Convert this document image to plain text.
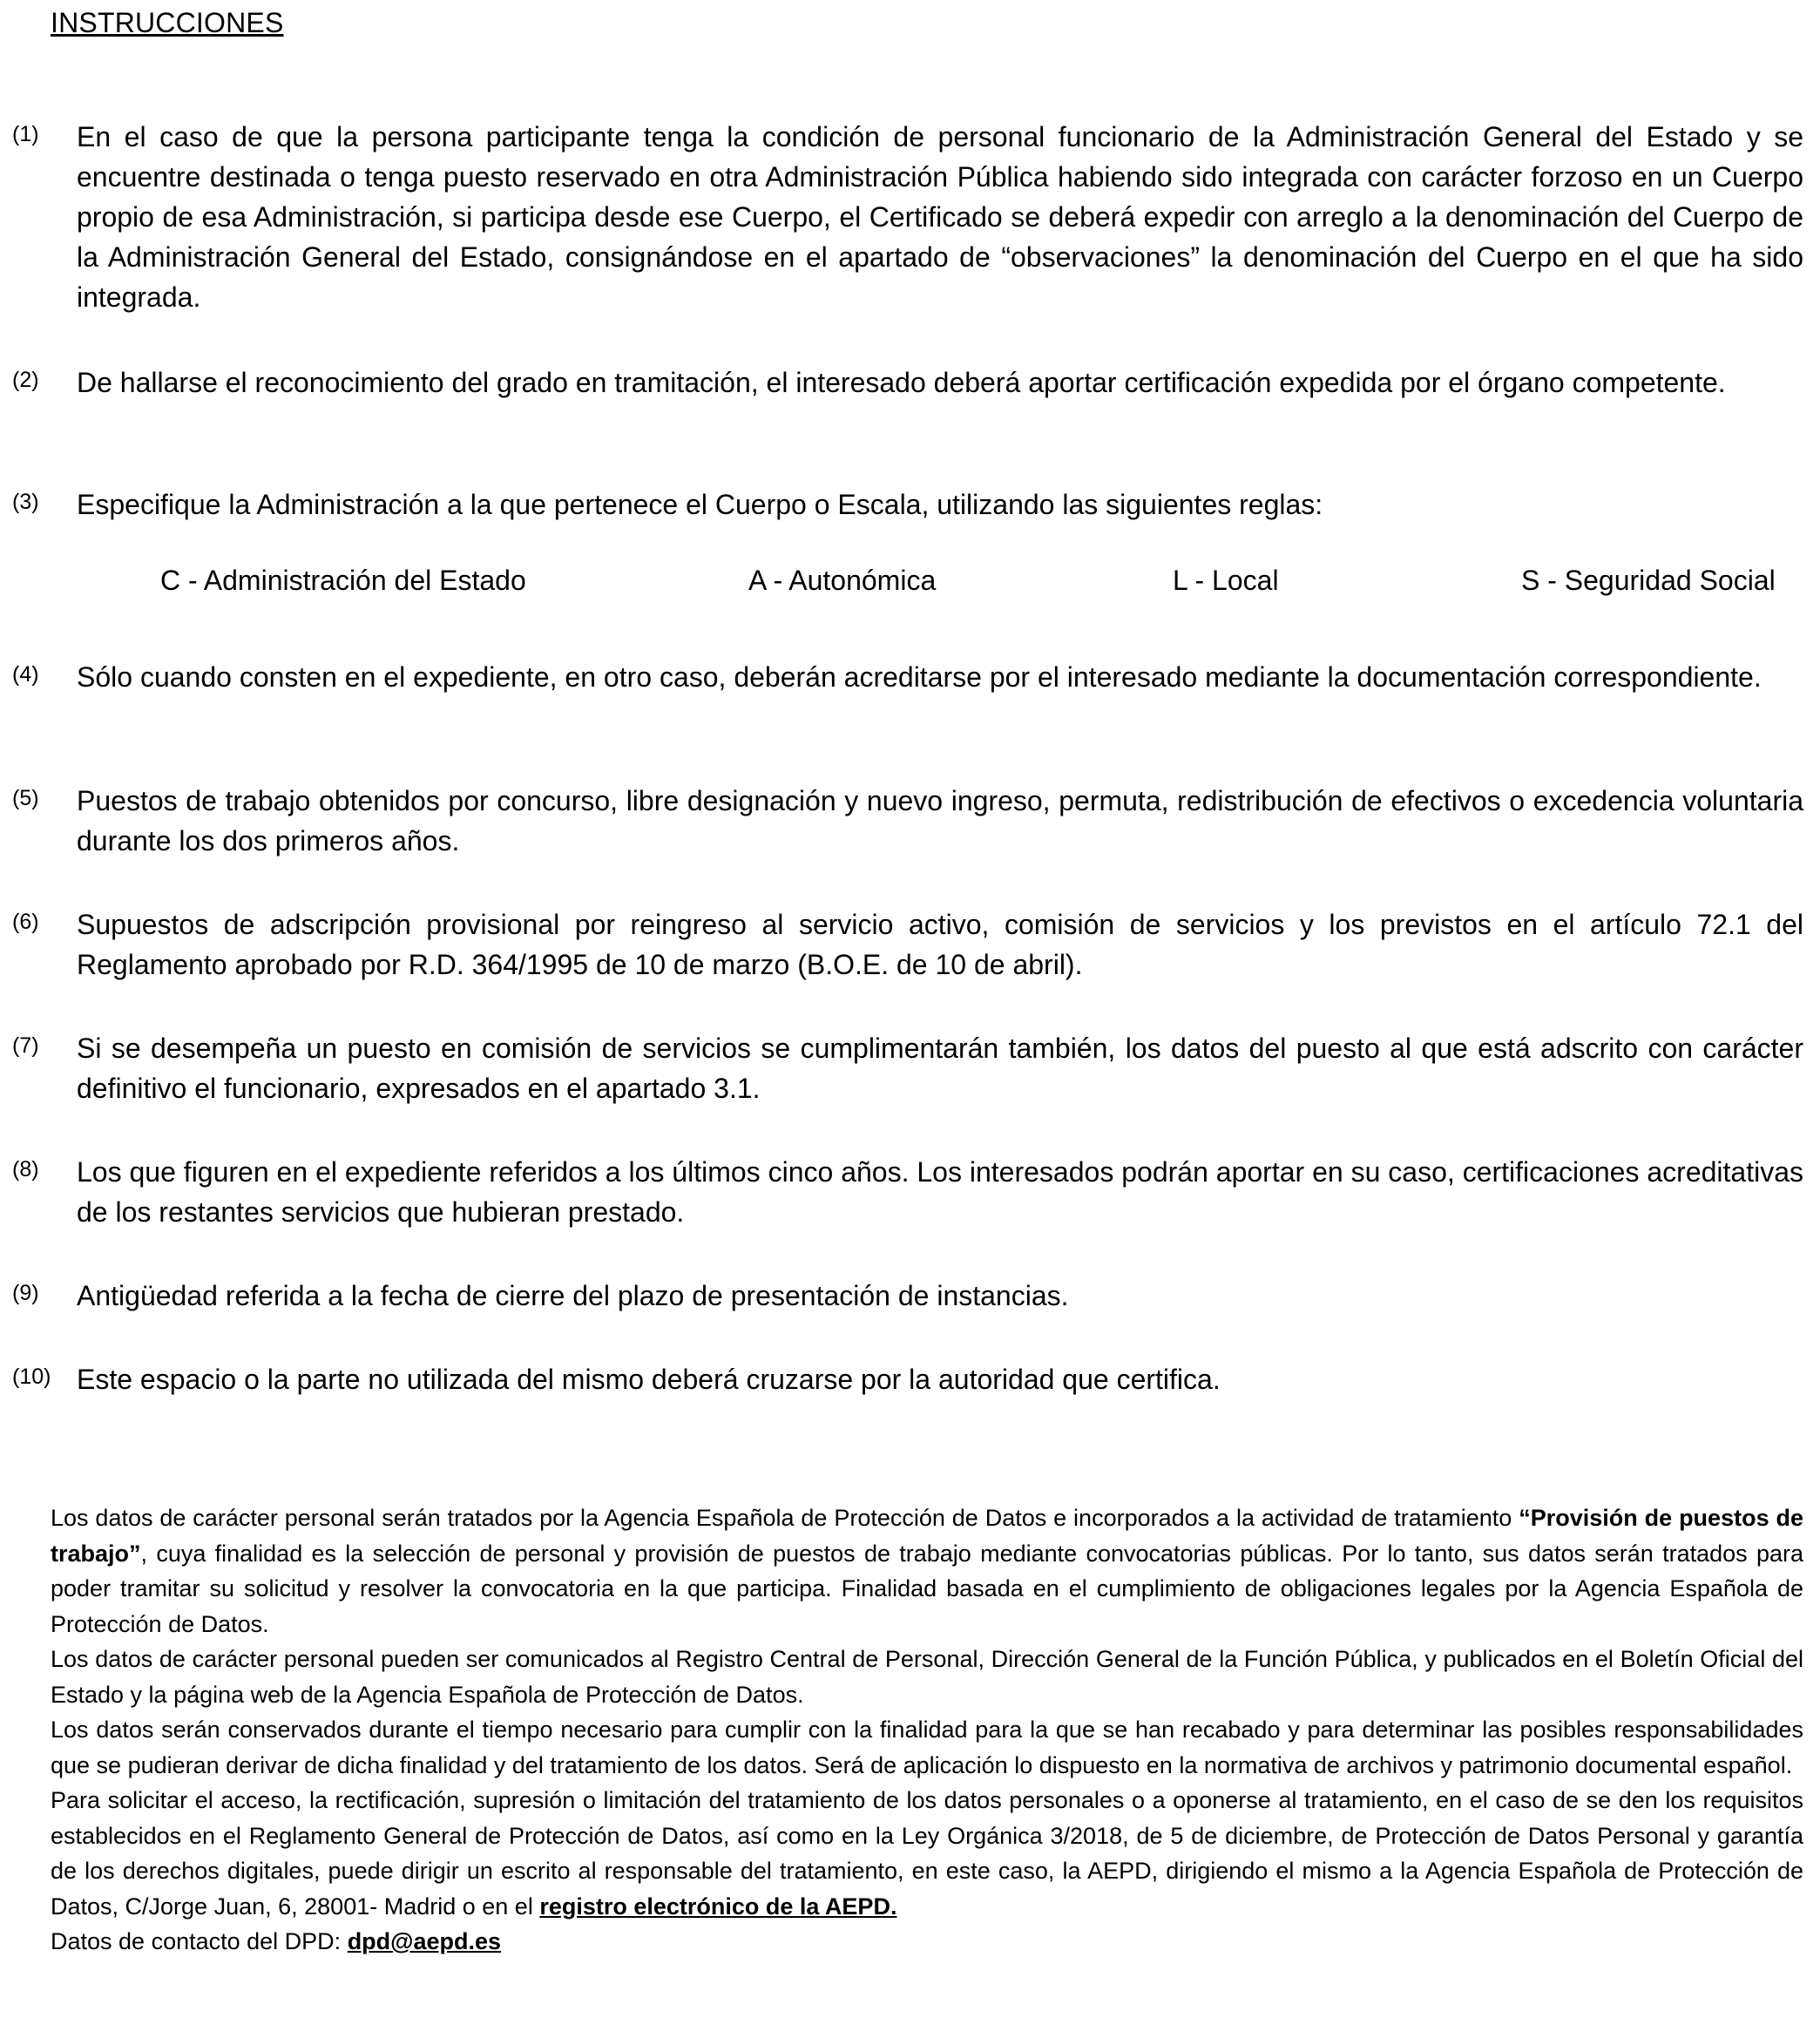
INSTRUCCIONES
(1) En el caso de que la persona participante tenga la condición de personal funcionario de la Administración General del Estado y se encuentre destinada o tenga puesto reservado en otra Administración Pública habiendo sido integrada con carácter forzoso en un Cuerpo propio de esa Administración, si participa desde ese Cuerpo, el Certificado se deberá expedir con arreglo a la denominación del Cuerpo de la Administración General del Estado, consignándose en el apartado de “observaciones” la denominación del Cuerpo en el que ha sido integrada.
(2) De hallarse el reconocimiento del grado en tramitación, el interesado deberá aportar certificación expedida por el órgano competente.
(3) Especifique la Administración a la que pertenece el Cuerpo o Escala, utilizando las siguientes reglas:
C - Administración del Estado	A - Autonómica	L - Local	S - Seguridad Social
(4) Sólo cuando consten en el expediente, en otro caso, deberán acreditarse por el interesado mediante la documentación correspondiente.
(5) Puestos de trabajo obtenidos por concurso, libre designación y nuevo ingreso, permuta, redistribución de efectivos o excedencia voluntaria durante los dos primeros años.
(6) Supuestos de adscripción provisional por reingreso al servicio activo, comisión de servicios y los previstos en el artículo 72.1 del Reglamento aprobado por R.D. 364/1995 de 10 de marzo (B.O.E. de 10 de abril).
(7) Si se desempeña un puesto en comisión de servicios se cumplimentarán también, los datos del puesto al que está adscrito con carácter definitivo el funcionario, expresados en el apartado 3.1.
(8) Los que figuren en el expediente referidos a los últimos cinco años. Los interesados podrán aportar en su caso, certificaciones acreditativas de los restantes servicios que hubieran prestado.
(9) Antigüedad referida a la fecha de cierre del plazo de presentación de instancias.
(10) Este espacio o la parte no utilizada del mismo deberá cruzarse por la autoridad que certifica.

Los datos de carácter personal serán tratados por la Agencia Española de Protección de Datos e incorporados a la actividad de tratamiento “Provisión de puestos de trabajo”, cuya finalidad es la selección de personal y provisión de puestos de trabajo mediante convocatorias públicas. Por lo tanto, sus datos serán tratados para poder tramitar su solicitud y resolver la convocatoria en la que participa. Finalidad basada en el cumplimiento de obligaciones legales por la Agencia Española de Protección de Datos.

Los datos de carácter personal pueden ser comunicados al Registro Central de Personal, Dirección General de la Función Pública, y publicados en el Boletín Oficial del Estado y la página web de la Agencia Española de Protección de Datos.

Los datos serán conservados durante el tiempo necesario para cumplir con la finalidad para la que se han recabado y para determinar las posibles responsabilidades que se pudieran derivar de dicha finalidad y del tratamiento de los datos. Será de aplicación lo dispuesto en la normativa de archivos y patrimonio documental español.

Para solicitar el acceso, la rectificación, supresión o limitación del tratamiento de los datos personales o a oponerse al tratamiento, en el caso de se den los requisitos establecidos en el Reglamento General de Protección de Datos, así como en la Ley Orgánica 3/2018, de 5 de diciembre, de Protección de Datos Personal y garantía de los derechos digitales, puede dirigir un escrito al responsable del tratamiento, en este caso, la AEPD, dirigiendo el mismo a la Agencia Española de Protección de Datos, C/Jorge Juan, 6, 28001- Madrid o en el registro electrónico de la AEPD.

Datos de contacto del DPD: dpd@aepd.es
